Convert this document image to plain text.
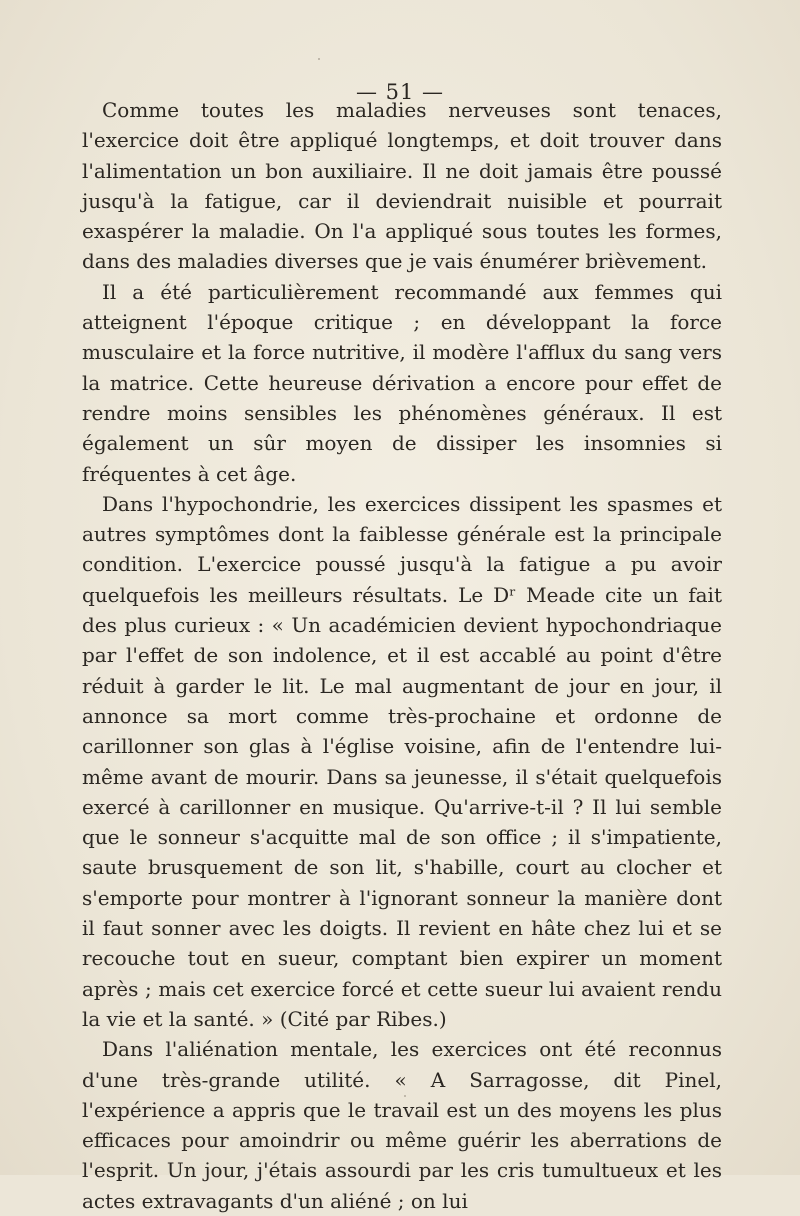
— 51 —

Comme toutes les maladies nerveuses sont tenaces, l'exercice doit être appliqué longtemps, et doit trouver dans l'alimentation un bon auxiliaire. Il ne doit jamais être poussé jusqu'à la fatigue, car il deviendrait nuisible et pourrait exaspérer la maladie. On l'a appliqué sous toutes les formes, dans des maladies diverses que je vais énumérer brièvement.

Il a été particulièrement recommandé aux femmes qui atteignent l'époque critique ; en développant la force musculaire et la force nutritive, il modère l'afflux du sang vers la matrice. Cette heureuse dérivation a encore pour effet de rendre moins sensibles les phénomènes généraux. Il est également un sûr moyen de dissiper les insomnies si fréquentes à cet âge.

Dans l'hypochondrie, les exercices dissipent les spasmes et autres symptômes dont la faiblesse générale est la principale condition. L'exercice poussé jusqu'à la fatigue a pu avoir quelquefois les meilleurs résultats. Le Dʳ Meade cite un fait des plus curieux : « Un académicien devient hypochondriaque par l'effet de son indolence, et il est accablé au point d'être réduit à garder le lit. Le mal augmentant de jour en jour, il annonce sa mort comme très-prochaine et ordonne de carillonner son glas à l'église voisine, afin de l'entendre lui-même avant de mourir. Dans sa jeunesse, il s'était quelquefois exercé à carillonner en musique. Qu'arrive-t-il ? Il lui semble que le sonneur s'acquitte mal de son office ; il s'impatiente, saute brusquement de son lit, s'habille, court au clocher et s'emporte pour montrer à l'ignorant sonneur la manière dont il faut sonner avec les doigts. Il revient en hâte chez lui et se recouche tout en sueur, comptant bien expirer un moment après ; mais cet exercice forcé et cette sueur lui avaient rendu la vie et la santé. » (Cité par Ribes.)

Dans l'aliénation mentale, les exercices ont été reconnus d'une très-grande utilité. « A Sarragosse, dit Pinel, l'expérience a appris que le travail est un des moyens les plus efficaces pour amoindrir ou même guérir les aberrations de l'esprit. Un jour, j'étais assourdi par les cris tumultueux et les actes extravagants d'un aliéné ; on lui
